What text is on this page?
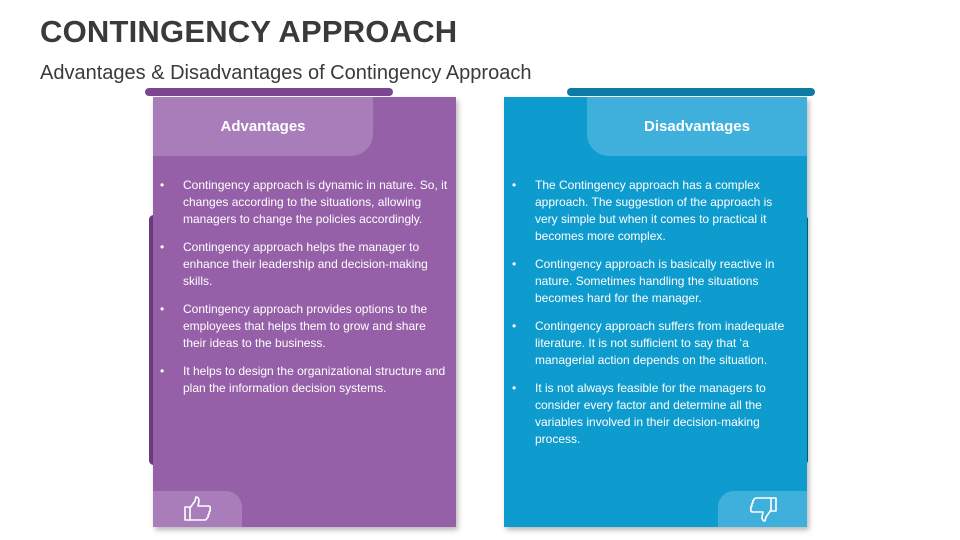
CONTINGENCY APPROACH
Advantages & Disadvantages of Contingency Approach
Advantages
• Contingency approach is dynamic in nature. So, it changes according to the situations, allowing managers to change the policies accordingly.
• Contingency approach helps the manager to enhance their leadership and decision-making skills.
• Contingency approach provides options to the employees that helps them to grow and share their ideas to the business.
• It helps to design the organizational structure and plan the information decision systems.
Disadvantages
• The Contingency approach has a complex approach. The suggestion of the approach is very simple but when it comes to practical it becomes more complex.
• Contingency approach is basically reactive in nature. Sometimes handling the situations becomes hard for the manager.
• Contingency approach suffers from inadequate literature. It is not sufficient to say that ‘a managerial action depends on the situation.
• It is not always feasible for the managers to consider every factor and determine all the variables involved in their decision-making process.
